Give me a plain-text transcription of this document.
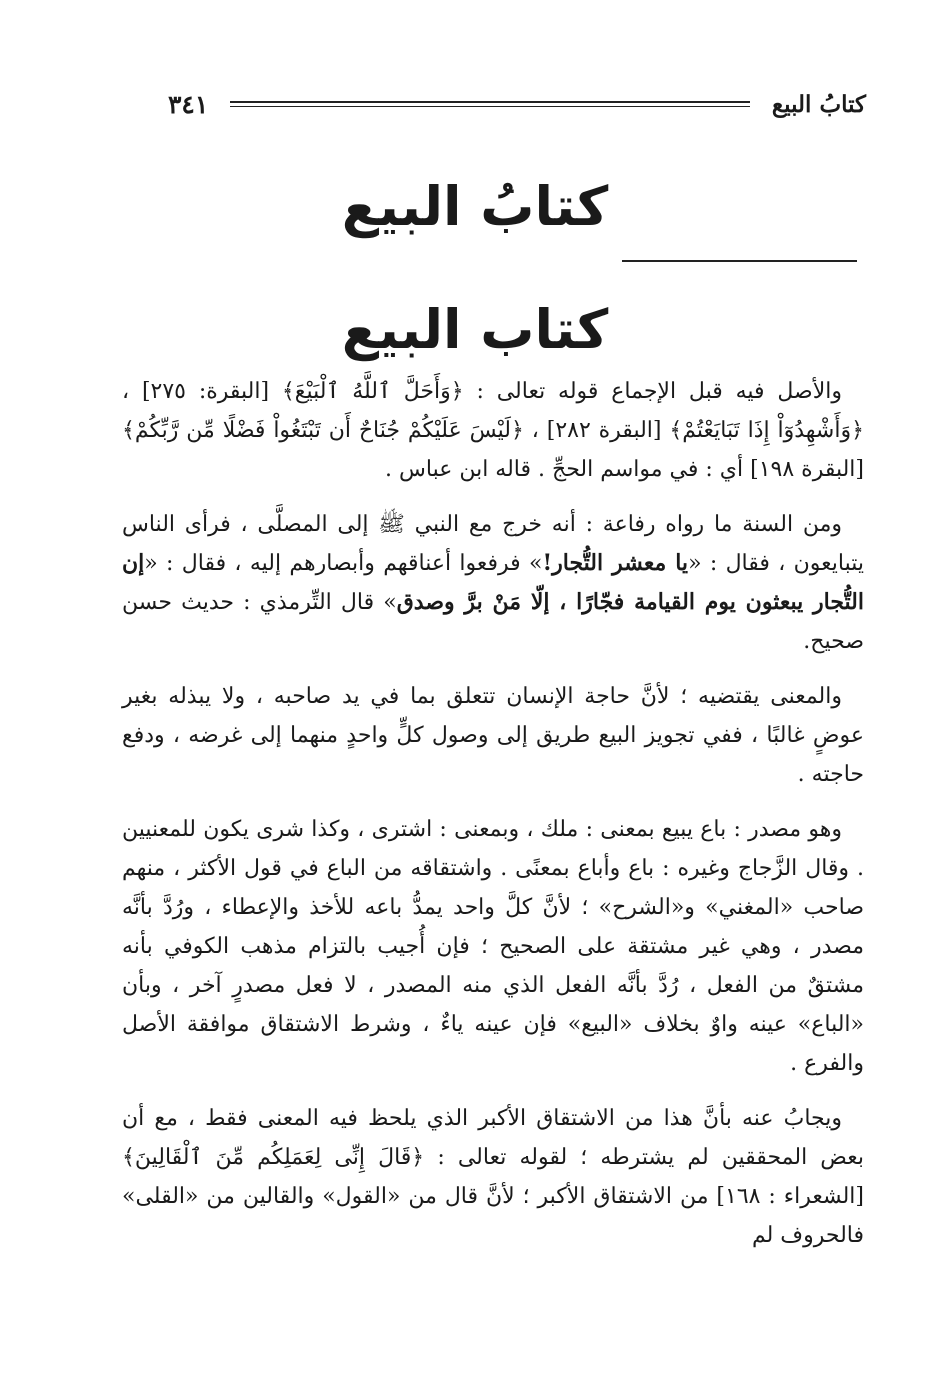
كتابُ البيع
٣٤١
كتابُ البيع
كتاب البيع

والأصل فيه قبل الإجماع قوله تعالى : ﴿وَأَحَلَّ ٱللَّهُ ٱلْبَيْعَ﴾ [البقرة: ٢٧٥] ، ﴿وَأَشْهِدُوٓاْ إِذَا تَبَايَعْتُمْ﴾ [البقرة ٢٨٢] ، ﴿لَيْسَ عَلَيْكُمْ جُنَاحٌ أَن تَبْتَغُواْ فَضْلًا مِّن رَّبِّكُمْ﴾ [البقرة ١٩٨] أي : في مواسم الحجِّ . قاله ابن عباس .

ومن السنة ما رواه رفاعة : أنه خرج مع النبي ﷺ إلى المصلَّى ، فرأى الناس يتبايعون ، فقال : «يا معشر التُّجار!» فرفعوا أعناقهم وأبصارهم إليه ، فقال : «إن التُّجار يبعثون يوم القيامة فجّارًا ، إلّا مَنْ برَّ وصدق» قال التِّرمذي : حديث حسن صحيح.

والمعنى يقتضيه ؛ لأنَّ حاجة الإنسان تتعلق بما في يد صاحبه ، ولا يبذله بغير عوضٍ غالبًا ، ففي تجويز البيع طريق إلى وصول كلٍّ واحدٍ منهما إلى غرضه ، ودفع حاجته .

وهو مصدر : باع يبيع بمعنى : ملك ، وبمعنى : اشترى ، وكذا شرى يكون للمعنيين . وقال الزَّجاج وغيره : باع وأباع بمعنًى . واشتقاقه من الباع في قول الأكثر ، منهم صاحب «المغني» و«الشرح» ؛ لأنَّ كلَّ واحد يمدُّ باعه للأخذ والإعطاء ، ورُدَّ بأنَّه مصدر ، وهي غير مشتقة على الصحيح ؛ فإن أُجيب بالتزام مذهب الكوفي بأنه مشتقٌ من الفعل ، رُدَّ بأنَّه الفعل الذي منه المصدر ، لا فعل مصدرٍ آخر ، وبأن «الباع» عينه واوٌ بخلاف «البيع» فإن عينه ياءٌ ، وشرط الاشتقاق موافقة الأصل والفرع .

ويجابُ عنه بأنَّ هذا من الاشتقاق الأكبر الذي يلحظ فيه المعنى فقط ، مع أن بعض المحققين لم يشترطه ؛ لقوله تعالى : ﴿قَالَ إِنِّى لِعَمَلِكُم مِّنَ ٱلْقَالِينَ﴾ [الشعراء : ١٦٨] من الاشتقاق الأكبر ؛ لأنَّ قال من «القول» والقالين من «القلى» فالحروف لم
